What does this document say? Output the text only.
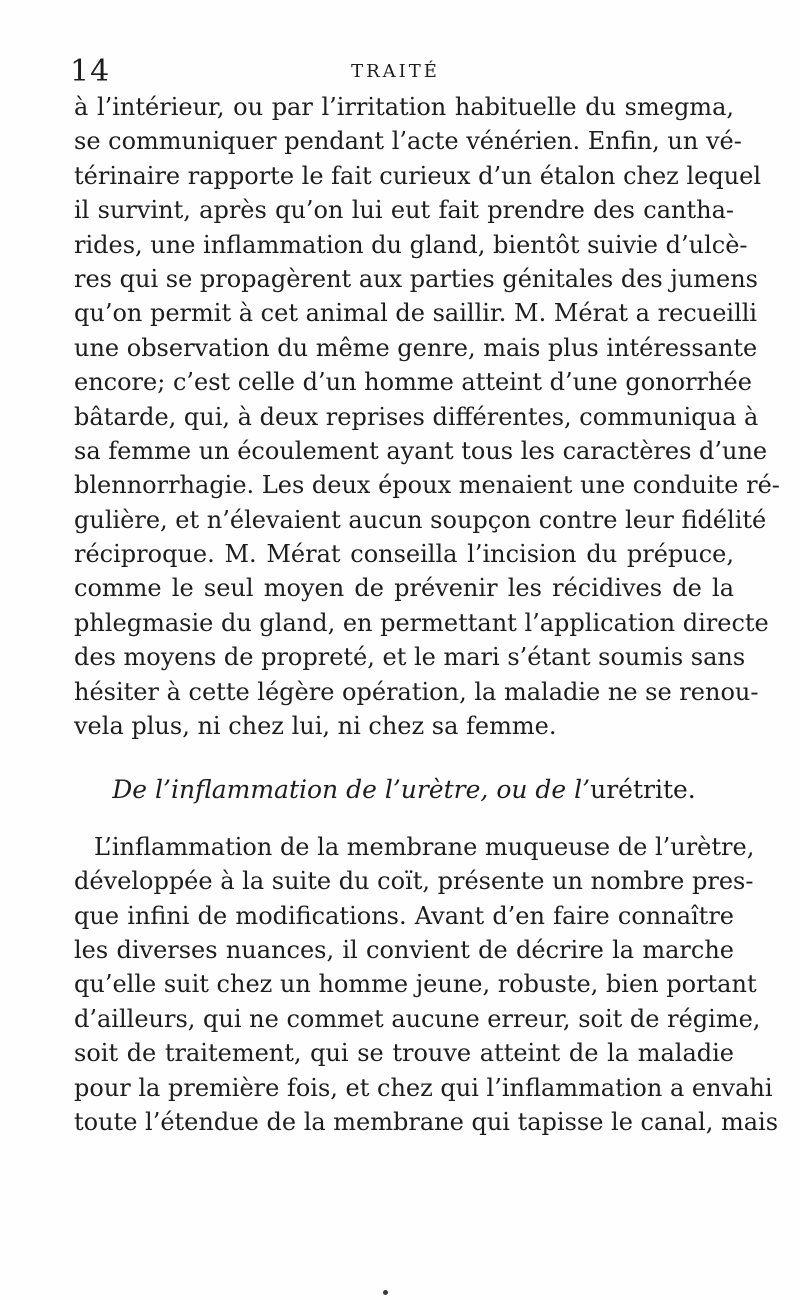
14	TRAITÉ

à l’intérieur, ou par l’irritation habituelle du smegma,
se communiquer pendant l’acte vénérien. Enfin, un vé-
térinaire rapporte le fait curieux d’un étalon chez lequel
il survint, après qu’on lui eut fait prendre des cantha-
rides, une inflammation du gland, bientôt suivie d’ulcè-
res qui se propagèrent aux parties génitales des jumens
qu’on permit à cet animal de saillir. M. Mérat a recueilli
une observation du même genre, mais plus intéressante
encore; c’est celle d’un homme atteint d’une gonorrhée
bâtarde, qui, à deux reprises différentes, communiqua à
sa femme un écoulement ayant tous les caractères d’une
blennorrhagie. Les deux époux menaient une conduite ré-
gulière, et n’élevaient aucun soupçon contre leur fidélité
réciproque. M. Mérat conseilla l’incision du prépuce,
comme le seul moyen de prévenir les récidives de la
phlegmasie du gland, en permettant l’application directe
des moyens de propreté, et le mari s’étant soumis sans
hésiter à cette légère opération, la maladie ne se renou-
vela plus, ni chez lui, ni chez sa femme.

De l’inflammation de l’urètre, ou de l’urétrite.

L’inflammation de la membrane muqueuse de l’urètre,
développée à la suite du coït, présente un nombre pres-
que infini de modifications. Avant d’en faire connaître
les diverses nuances, il convient de décrire la marche
qu’elle suit chez un homme jeune, robuste, bien portant
d’ailleurs, qui ne commet aucune erreur, soit de régime,
soit de traitement, qui se trouve atteint de la maladie
pour la première fois, et chez qui l’inflammation a envahi
toute l’étendue de la membrane qui tapisse le canal, mais
